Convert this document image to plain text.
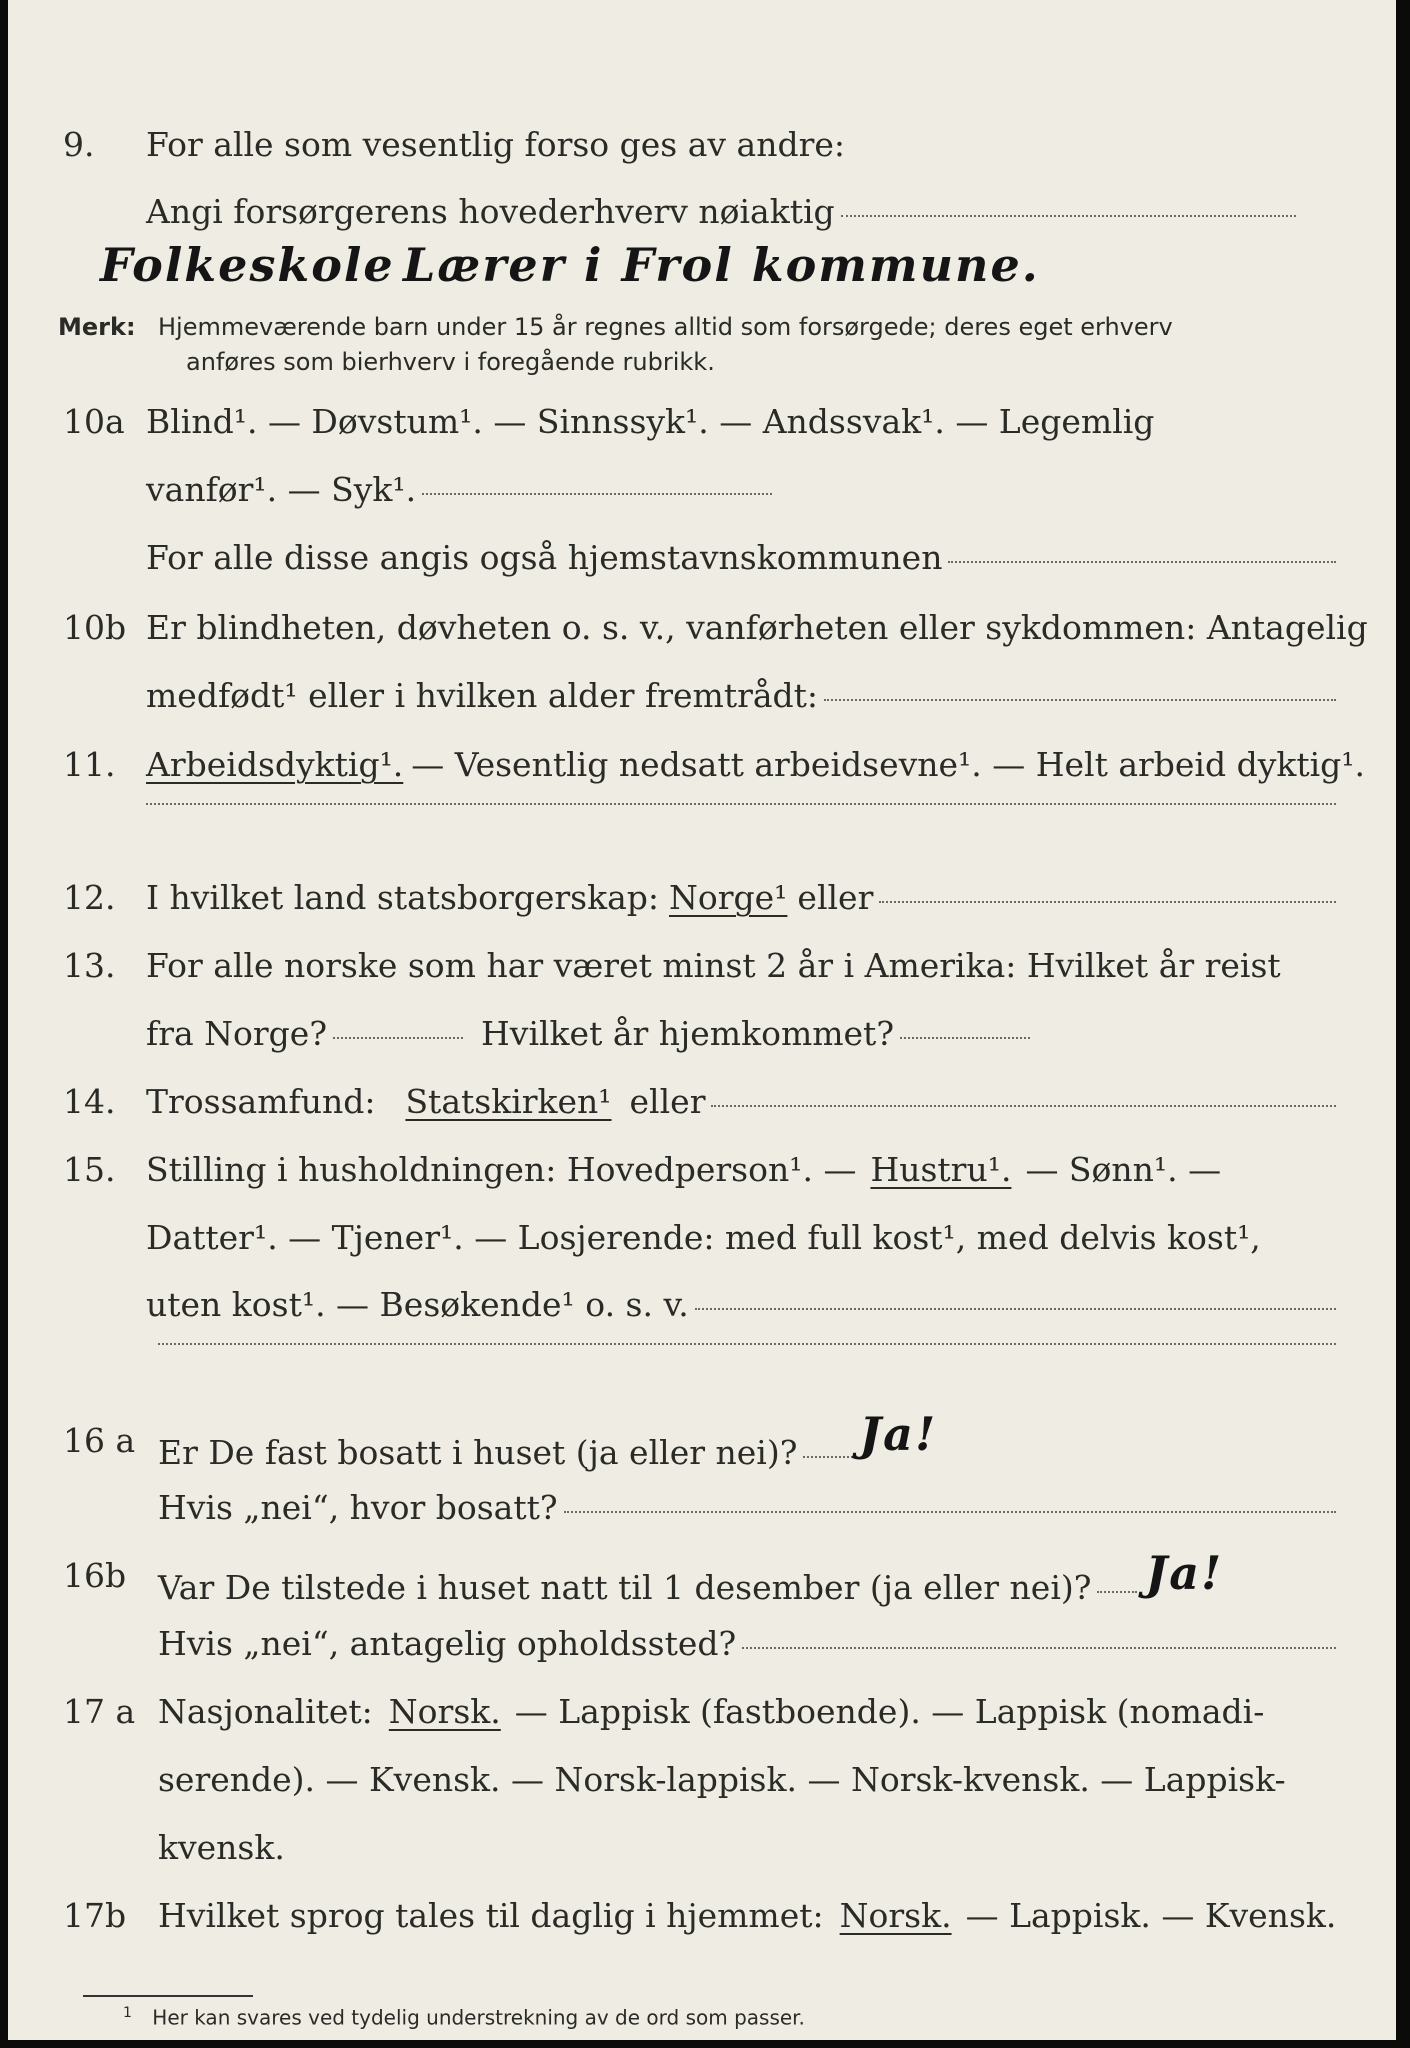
9. For alle som vesentlig forso ges av andre:
Angi forsørgerens hovederhverv nøiaktig
Folkeskole Lærer i Frol kommune.
Merk: Hjemmeværende barn under 15 år regnes alltid som forsørgede; deres eget erhverv
anføres som bierhverv i foregående rubrikk.
10a Blind¹. — Døvstum¹. — Sinnssyk¹. — Andssvak¹. — Legemlig
vanfør¹. — Syk¹.
For alle disse angis også hjemstavnskommunen
10b Er blindheten, døvheten o. s. v., vanførheten eller sykdommen: Antagelig
medfødt¹ eller i hvilken alder fremtrådt:
11. Arbeidsdyktig¹. — Vesentlig nedsatt arbeidsevne¹. — Helt arbeid dyktig¹.
12. I hvilket land statsborgerskap: Norge¹ eller
13. For alle norske som har været minst 2 år i Amerika: Hvilket år reist
fra Norge?	Hvilket år hjemkommet?
14. Trossamfund: Statskirken¹ eller
15. Stilling i husholdningen: Hovedperson¹. — Hustru¹. — Sønn¹. —
Datter¹. — Tjener¹. — Losjerende: med full kost¹, med delvis kost¹,
uten kost¹. — Besøkende¹ o. s. v.
16 a Er De fast bosatt i huset (ja eller nei)? Ja!
Hvis „nei“, hvor bosatt?
16b Var De tilstede i huset natt til 1 desember (ja eller nei)? Ja!
Hvis „nei“, antagelig opholdssted?
17 a Nasjonalitet: Norsk. — Lappisk (fastboende). — Lappisk (nomadi-
serende). — Kvensk. — Norsk-lappisk. — Norsk-kvensk. — Lappisk-
kvensk.
17b Hvilket sprog tales til daglig i hjemmet: Norsk. — Lappisk. — Kvensk.
$^1$ Her kan svares ved tydelig understrekning av de ord som passer.
